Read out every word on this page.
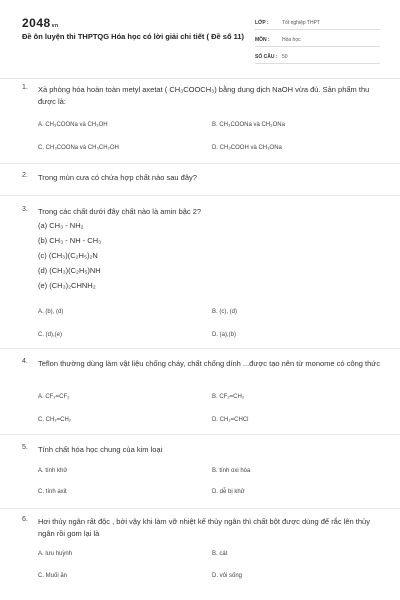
2048vn
Đề ôn luyện thi THPTQG Hóa học có lời giải chi tiết ( Đề số 11)
LỚP :	Tốt nghiệp THPT
MÔN :	Hóa học
SỐ CÂU : 50
1. Xà phòng hóa hoàn toàn metyl axetat ( CH₃COOCH₃) bằng dung dịch NaOH vừa đủ. Sản phẩm thu được là:
A. CH₃COONa và CH₃OH	B. CH₃COONa và CH₃ONa
C. CH₃COONa và CH₃CH₂OH	D. CH₃COOH và CH₃ONa
2. Trong mùn cưa có chứa hợp chất nào sau đây?
3. Trong các chất dưới đây chất nào là amin bậc 2?
(a) CH₃ - NH₂
(b) CH₃ - NH - CH₃
(c) (CH₃)(C₂H₅)₂N
(d) (CH₃)(C₂H₅)NH
(e) (CH₃)₂CHNH₂
A. (b), (d)	B. (c), (d)
C. (d),(e)	D. (a),(b)
4. Teflon thường dùng làm vật liệu chống cháy, chất chống dính ...được tạo nên từ monome có công thức
A. CF₂=CF₂	B. CF₂=CH₂
C. CH₂=CH₂	D. CH₂=CHCl
5. Tính chất hóa học chung của kim loại
A. tính khử	B. tính oxi hóa
C. tính axit	D. dễ bị khử
6. Hơi thủy ngân rất độc , bởi vậy khi làm vỡ nhiệt kế thủy ngân thì chất bột được dùng để rắc lên thủy ngân rồi gom lại là
A. lưu huỳnh	B. cát
C. Muối ăn	D. vôi sống
